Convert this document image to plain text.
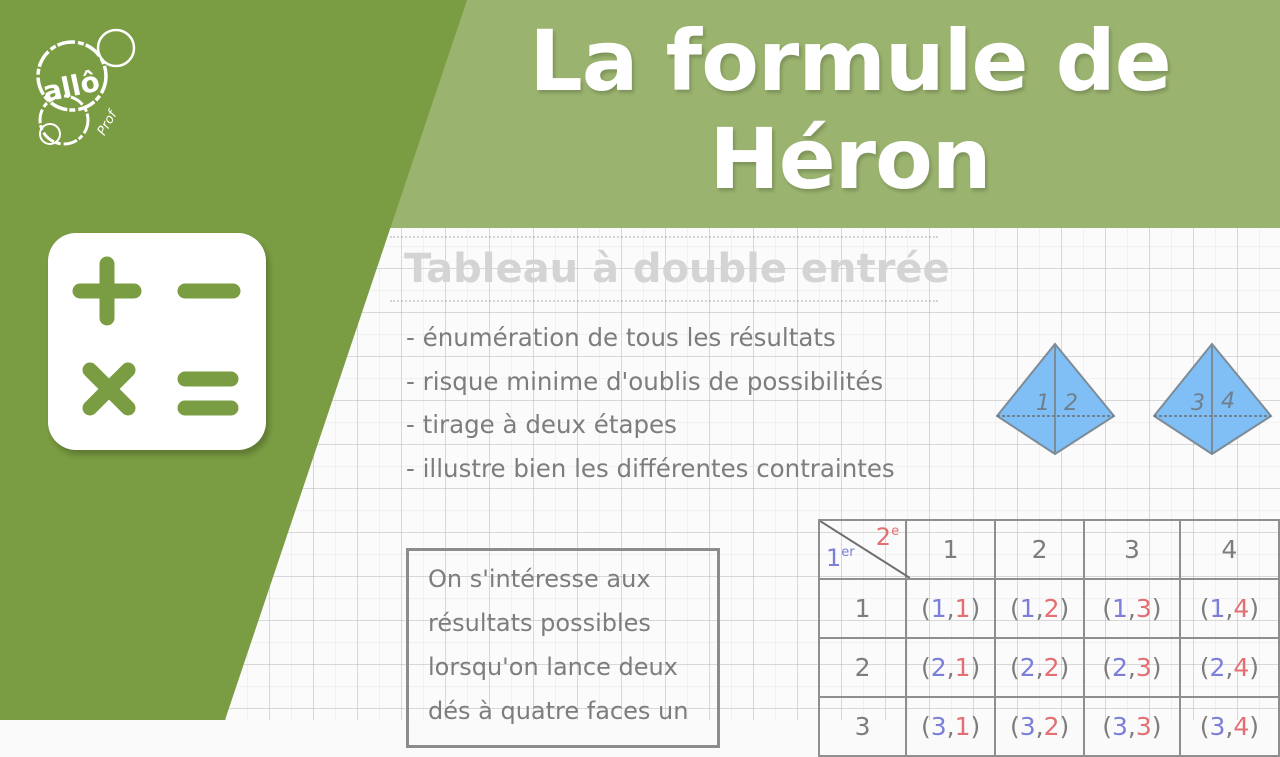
Tableau à double entrée
- énumération de tous les résultats
- risque minime d'oublis de possibilités
- tirage à deux étapes
- illustre bien les différentes contraintes
1 2	3 4

On s'intéresse aux

résultats possibles

lorsqu'on lance deux

dés à quatre faces un

1er
2e	1	2	3	4
1	(1,1)	(1,2)	(1,3)	(1,4)
2	(2,1)	(2,2)	(2,3)	(2,4)
3	(3,1)	(3,2)	(3,3)	(3,4)
La formule de
Héron
allô
Prof
